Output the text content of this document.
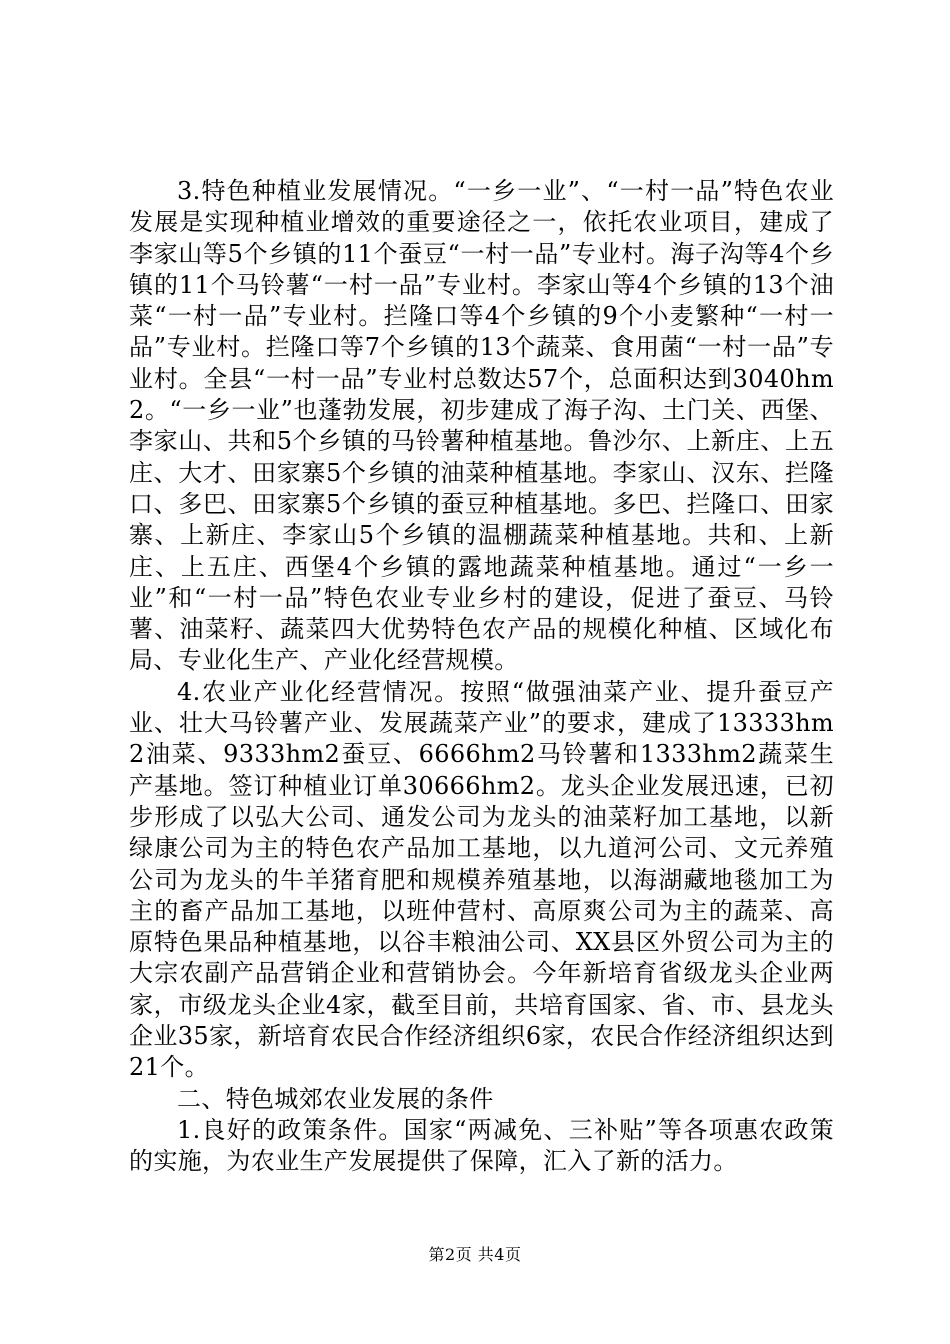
3.特色种植业发展情况。“一乡一业”、“一村一品”特色农业发展是实现种植业增效的重要途径之一，依托农业项目，建成了李家山等5个乡镇的11个蚕豆“一村一品”专业村。海子沟等4个乡镇的11个马铃薯“一村一品”专业村。李家山等4个乡镇的13个油菜“一村一品”专业村。拦隆口等4个乡镇的9个小麦繁种“一村一品”专业村。拦隆口等7个乡镇的13个蔬菜、食用菌“一村一品”专业村。全县“一村一品”专业村总数达57个，总面积达到3040hm2。“一乡一业”也蓬勃发展，初步建成了海子沟、土门关、西堡、李家山、共和5个乡镇的马铃薯种植基地。鲁沙尔、上新庄、上五庄、大才、田家寨5个乡镇的油菜种植基地。李家山、汉东、拦隆口、多巴、田家寨5个乡镇的蚕豆种植基地。多巴、拦隆口、田家寨、上新庄、李家山5个乡镇的温棚蔬菜种植基地。共和、上新庄、上五庄、西堡4个乡镇的露地蔬菜种植基地。通过“一乡一业”和“一村一品”特色农业专业乡村的建设，促进了蚕豆、马铃薯、油菜籽、蔬菜四大优势特色农产品的规模化种植、区域化布局、专业化生产、产业化经营规模。

4.农业产业化经营情况。按照“做强油菜产业、提升蚕豆产业、壮大马铃薯产业、发展蔬菜产业”的要求，建成了13333hm2油菜、9333hm2蚕豆、6666hm2马铃薯和1333hm2蔬菜生产基地。签订种植业订单30666hm2。龙头企业发展迅速，已初步形成了以弘大公司、通发公司为龙头的油菜籽加工基地，以新绿康公司为主的特色农产品加工基地，以九道河公司、文元养殖公司为龙头的牛羊猪育肥和规模养殖基地，以海湖藏地毯加工为主的畜产品加工基地，以班仲营村、高原爽公司为主的蔬菜、高原特色果品种植基地，以谷丰粮油公司、XX县区外贸公司为主的大宗农副产品营销企业和营销协会。今年新培育省级龙头企业两家，市级龙头企业4家，截至目前，共培育国家、省、市、县龙头企业35家，新培育农民合作经济组织6家，农民合作经济组织达到21个。

二、特色城郊农业发展的条件

1.良好的政策条件。国家“两减免、三补贴”等各项惠农政策的实施，为农业生产发展提供了保障，汇入了新的活力。

第2页 共4页
